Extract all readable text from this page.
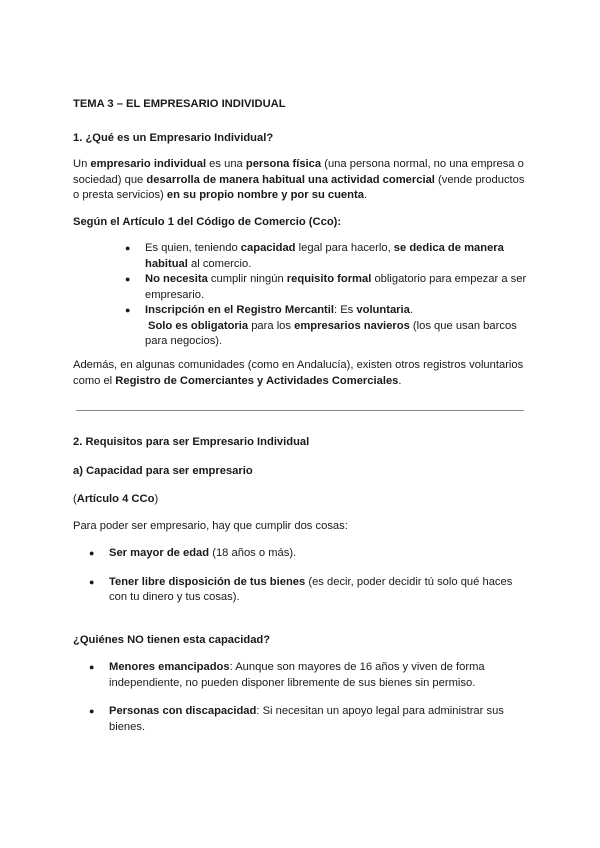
TEMA 3 – EL EMPRESARIO INDIVIDUAL

1. ¿Qué es un Empresario Individual?

Un empresario individual es una persona física (una persona normal, no una empresa o sociedad) que desarrolla de manera habitual una actividad comercial (vende productos o presta servicios) en su propio nombre y por su cuenta.

Según el Artículo 1 del Código de Comercio (Cco):

● Es quien, teniendo capacidad legal para hacerlo, se dedica de manera habitual al comercio.
● No necesita cumplir ningún requisito formal obligatorio para empezar a ser empresario.
● Inscripción en el Registro Mercantil: Es voluntaria.
Solo es obligatoria para los empresarios navieros (los que usan barcos para negocios).

Además, en algunas comunidades (como en Andalucía), existen otros registros voluntarios como el Registro de Comerciantes y Actividades Comerciales.

2. Requisitos para ser Empresario Individual

a) Capacidad para ser empresario

(Artículo 4 CCo)

Para poder ser empresario, hay que cumplir dos cosas:

● Ser mayor de edad (18 años o más).
● Tener libre disposición de tus bienes (es decir, poder decidir tú solo qué haces con tu dinero y tus cosas).

¿Quiénes NO tienen esta capacidad?

● Menores emancipados: Aunque son mayores de 16 años y viven de forma independiente, no pueden disponer libremente de sus bienes sin permiso.
● Personas con discapacidad: Si necesitan un apoyo legal para administrar sus bienes.
